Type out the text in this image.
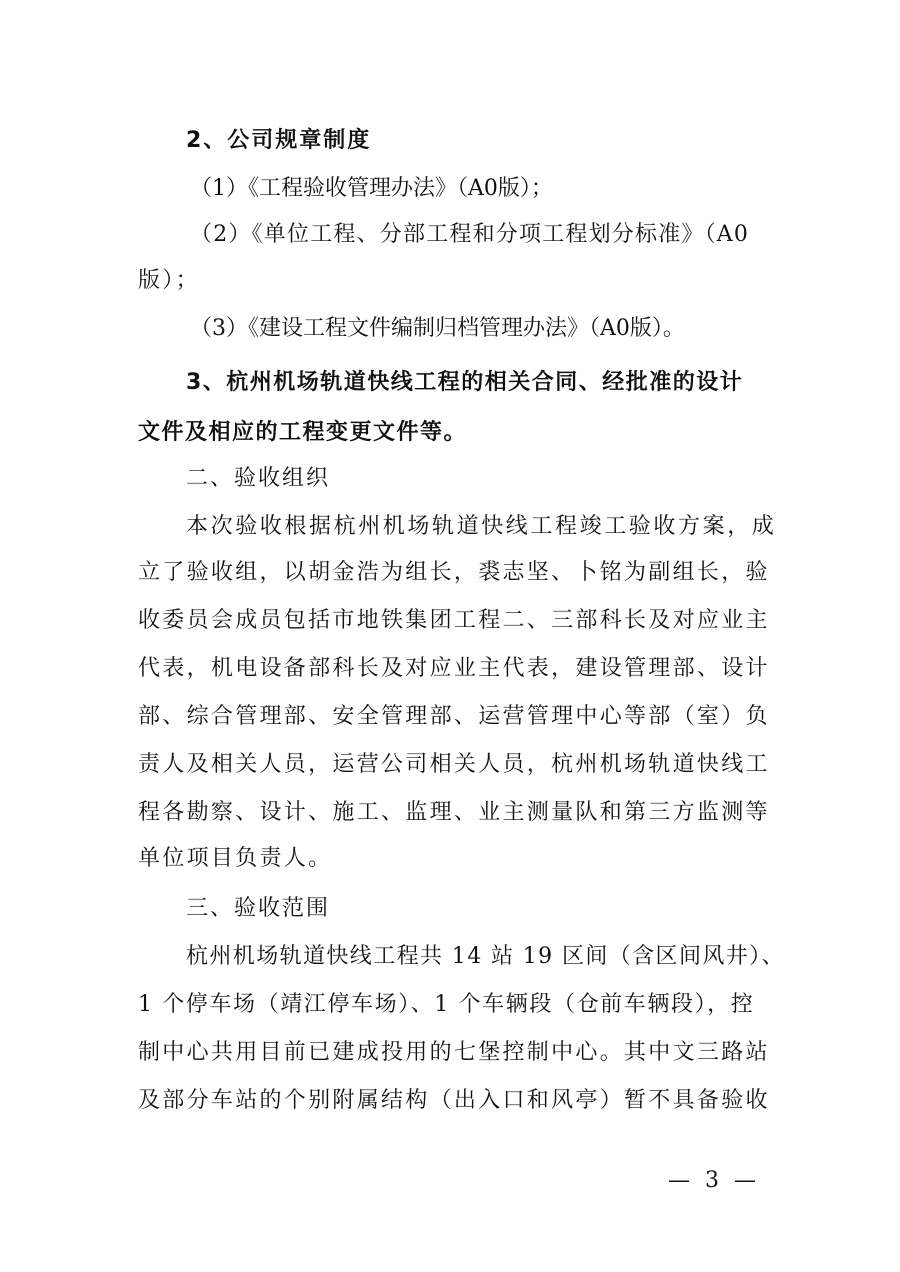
2、公司规章制度
（1）《工程验收管理办法》（A0版）；
（2）《单位工程、分部工程和分项工程划分标准》（A0
版）；
（3）《建设工程文件编制归档管理办法》（A0版）。
3、杭州机场轨道快线工程的相关合同、经批准的设计
文件及相应的工程变更文件等。
二、验收组织
本次验收根据杭州机场轨道快线工程竣工验收方案，成
立了验收组，以胡金浩为组长，裘志坚、卜铭为副组长，验
收委员会成员包括市地铁集团工程二、三部科长及对应业主
代表，机电设备部科长及对应业主代表，建设管理部、设计
部、综合管理部、安全管理部、运营管理中心等部（室）负
责人及相关人员，运营公司相关人员，杭州机场轨道快线工
程各勘察、设计、施工、监理、业主测量队和第三方监测等
单位项目负责人。
三、验收范围
杭州机场轨道快线工程共 14 站 19 区间（含区间风井）、
1 个停车场（靖江停车场）、1 个车辆段（仓前车辆段），控
制中心共用目前已建成投用的七堡控制中心。其中文三路站
及部分车站的个别附属结构（出入口和风亭）暂不具备验收
— 3 —
